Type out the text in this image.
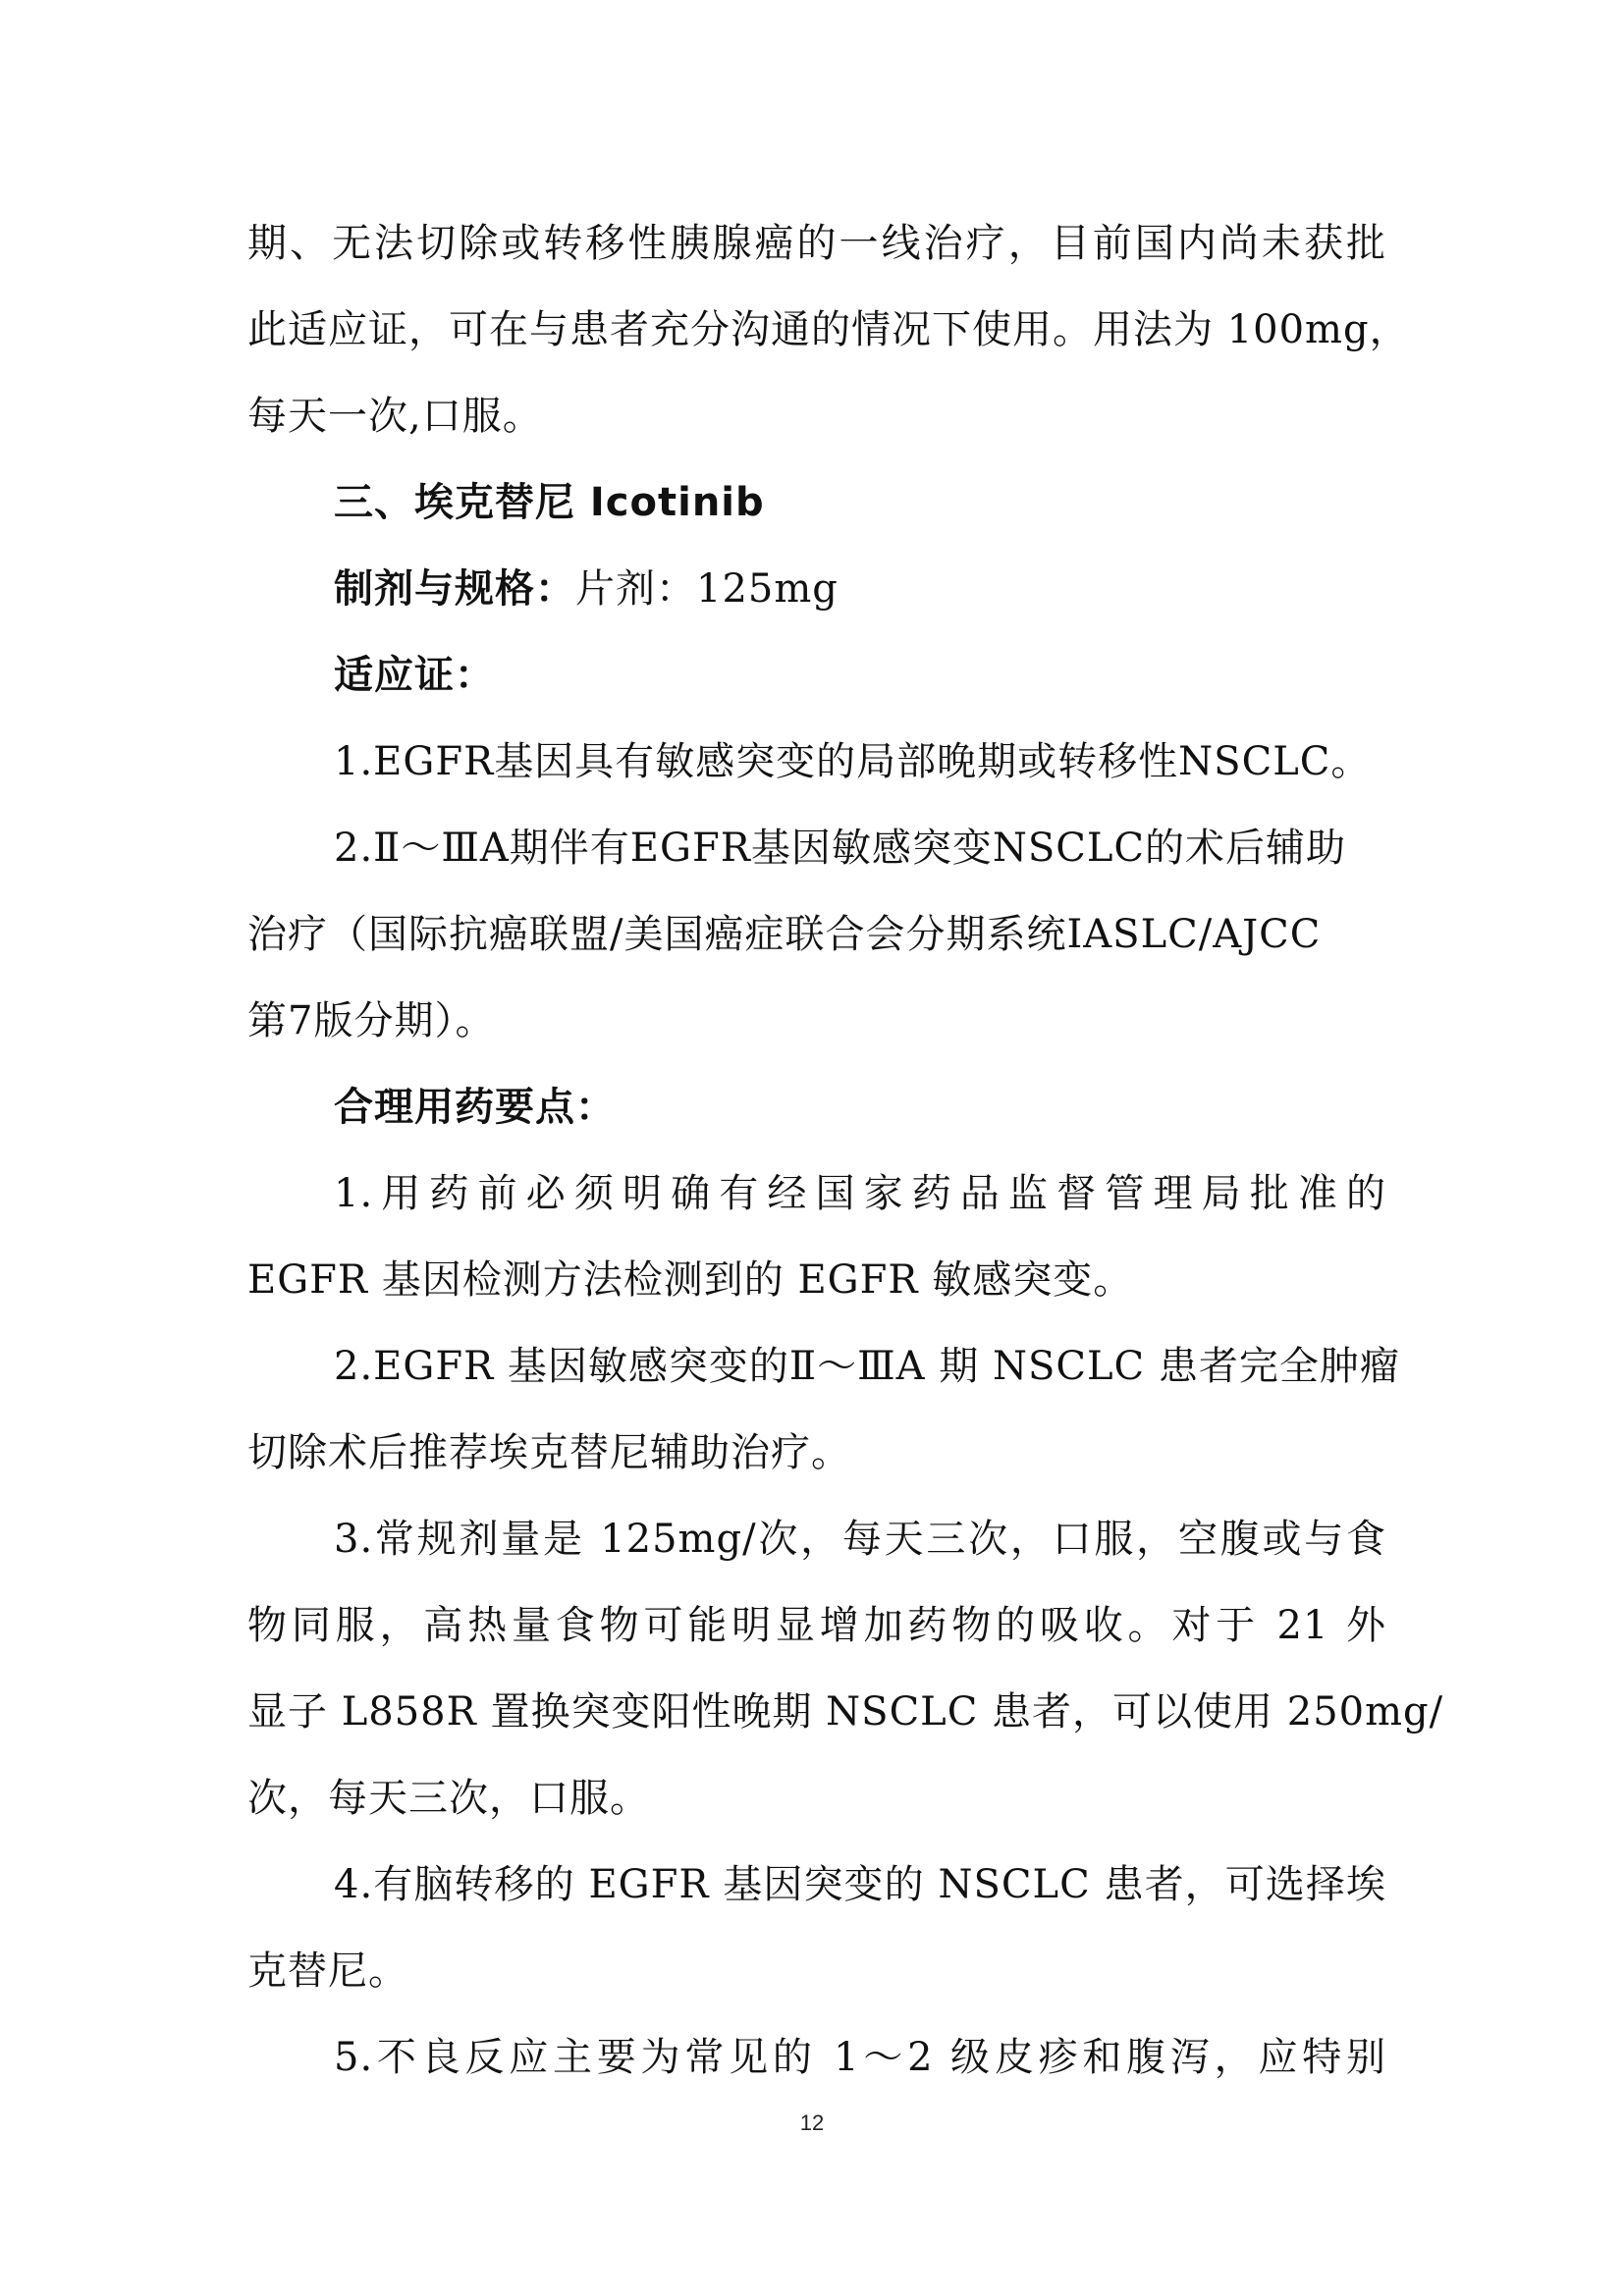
期、无法切除或转移性胰腺癌的一线治疗，目前国内尚未获批
此适应证，可在与患者充分沟通的情况下使用。用法为 100mg，
每天一次,口服。
三、埃克替尼 Icotinib
制剂与规格：片剂：125mg
适应证：
1.EGFR基因具有敏感突变的局部晚期或转移性NSCLC。
2.Ⅱ～ⅢA期伴有EGFR基因敏感突变NSCLC的术后辅助
治疗（国际抗癌联盟/美国癌症联合会分期系统IASLC/AJCC
第7版分期）。
合理用药要点：
1.用药前必须明确有经国家药品监督管理局批准的
EGFR 基因检测方法检测到的 EGFR 敏感突变。
2.EGFR 基因敏感突变的Ⅱ～ⅢA 期 NSCLC 患者完全肿瘤
切除术后推荐埃克替尼辅助治疗。
3.常规剂量是 125mg/次，每天三次，口服，空腹或与食
物同服，高热量食物可能明显增加药物的吸收。对于 21 外
显子 L858R 置换突变阳性晚期 NSCLC 患者，可以使用 250mg/
次，每天三次，口服。
4.有脑转移的 EGFR 基因突变的 NSCLC 患者，可选择埃
克替尼。
5.不良反应主要为常见的 1～2 级皮疹和腹泻，应特别
12
